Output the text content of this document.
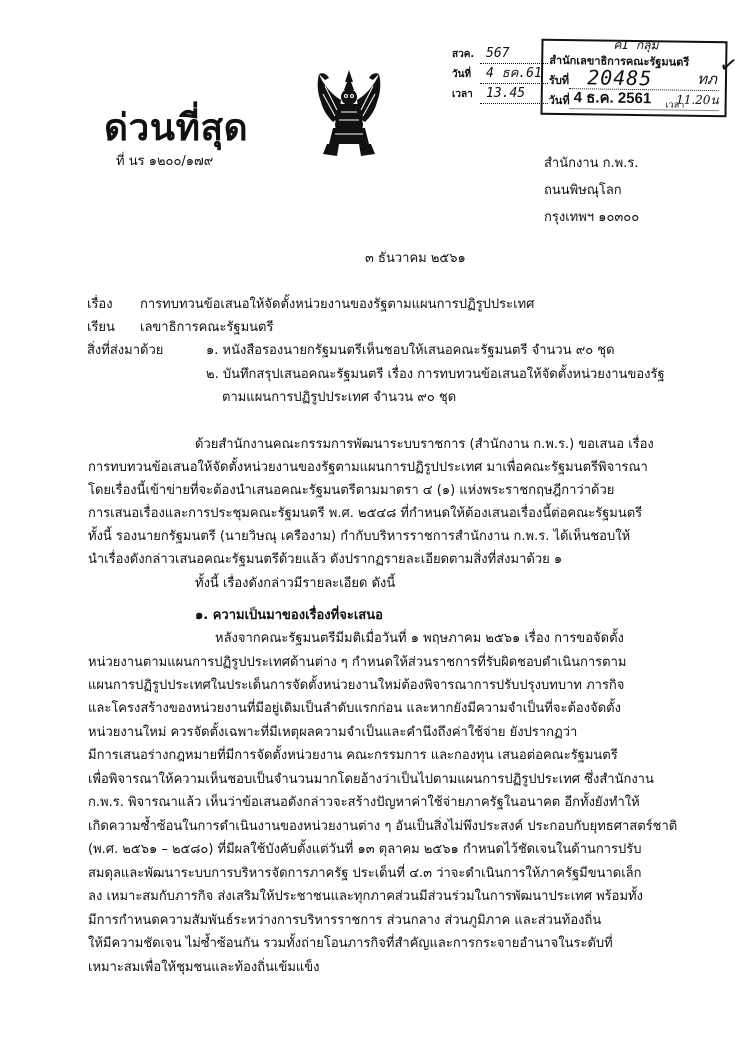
สวค. 567
วันที่	4 ธค.61
เวลา	13.45
ค1 กลุ่ม
✓
สำนักเลขาธิการคณะรัฐมนตรี
รับที่ 20485	ทภ
วันที่ 4 ธ.ค. 2561 เวลา
11.20น
ด่วนที่สุด
ที่ นร ๑๒๐๐/๑๗๙	สำนักงาน ก.พ.ร.
ถนนพิษณุโลก
กรุงเทพฯ ๑๐๓๐๐
๓ ธันวาคม ๒๕๖๑
เรื่อง	การทบทวนข้อเสนอให้จัดตั้งหน่วยงานของรัฐตามแผนการปฏิรูปประเทศ
เรียน	เลขาธิการคณะรัฐมนตรี
สิ่งที่ส่งมาด้วย	๑. หนังสือรองนายกรัฐมนตรีเห็นชอบให้เสนอคณะรัฐมนตรี จำนวน ๙๐ ชุด
๒. บันทึกสรุปเสนอคณะรัฐมนตรี เรื่อง การทบทวนข้อเสนอให้จัดตั้งหน่วยงานของรัฐ
ตามแผนการปฏิรูปประเทศ จำนวน ๙๐ ชุด
ด้วยสำนักงานคณะกรรมการพัฒนาระบบราชการ (สำนักงาน ก.พ.ร.) ขอเสนอ เรื่อง
การทบทวนข้อเสนอให้จัดตั้งหน่วยงานของรัฐตามแผนการปฏิรูปประเทศ มาเพื่อคณะรัฐมนตรีพิจารณา
โดยเรื่องนี้เข้าข่ายที่จะต้องนำเสนอคณะรัฐมนตรีตามมาตรา ๔ (๑) แห่งพระราชกฤษฎีกาว่าด้วย
การเสนอเรื่องและการประชุมคณะรัฐมนตรี พ.ศ. ๒๕๔๘ ที่กำหนดให้ต้องเสนอเรื่องนี้ต่อคณะรัฐมนตรี
ทั้งนี้ รองนายกรัฐมนตรี (นายวิษณุ เครืองาม) กำกับบริหารราชการสำนักงาน ก.พ.ร. ได้เห็นชอบให้
นำเรื่องดังกล่าวเสนอคณะรัฐมนตรีด้วยแล้ว ดังปรากฏรายละเอียดตามสิ่งที่ส่งมาด้วย ๑
ทั้งนี้ เรื่องดังกล่าวมีรายละเอียด ดังนี้
๑. ความเป็นมาของเรื่องที่จะเสนอ
หลังจากคณะรัฐมนตรีมีมติเมื่อวันที่ ๑ พฤษภาคม ๒๕๖๑ เรื่อง การขอจัดตั้ง
หน่วยงานตามแผนการปฏิรูปประเทศด้านต่าง ๆ กำหนดให้ส่วนราชการที่รับผิดชอบดำเนินการตาม
แผนการปฏิรูปประเทศในประเด็นการจัดตั้งหน่วยงานใหม่ต้องพิจารณาการปรับปรุงบทบาท ภารกิจ
และโครงสร้างของหน่วยงานที่มีอยู่เดิมเป็นลำดับแรกก่อน และหากยังมีความจำเป็นที่จะต้องจัดตั้ง
หน่วยงานใหม่ ควรจัดตั้งเฉพาะที่มีเหตุผลความจำเป็นและคำนึงถึงค่าใช้จ่าย ยังปรากฏว่า
มีการเสนอร่างกฎหมายที่มีการจัดตั้งหน่วยงาน คณะกรรมการ และกองทุน เสนอต่อคณะรัฐมนตรี
เพื่อพิจารณาให้ความเห็นชอบเป็นจำนวนมากโดยอ้างว่าเป็นไปตามแผนการปฏิรูปประเทศ ซึ่งสำนักงาน
ก.พ.ร. พิจารณาแล้ว เห็นว่าข้อเสนอดังกล่าวจะสร้างปัญหาค่าใช้จ่ายภาครัฐในอนาคต อีกทั้งยังทำให้
เกิดความซ้ำซ้อนในการดำเนินงานของหน่วยงานต่าง ๆ อันเป็นสิ่งไม่พึงประสงค์ ประกอบกับยุทธศาสตร์ชาติ
(พ.ศ. ๒๕๖๑ – ๒๕๘๐) ที่มีผลใช้บังคับตั้งแต่วันที่ ๑๓ ตุลาคม ๒๕๖๑ กำหนดไว้ชัดเจนในด้านการปรับ
สมดุลและพัฒนาระบบการบริหารจัดการภาครัฐ ประเด็นที่ ๔.๓ ว่าจะดำเนินการให้ภาครัฐมีขนาดเล็ก
ลง เหมาะสมกับภารกิจ ส่งเสริมให้ประชาชนและทุกภาคส่วนมีส่วนร่วมในการพัฒนาประเทศ พร้อมทั้ง
มีการกำหนดความสัมพันธ์ระหว่างการบริหารราชการ ส่วนกลาง ส่วนภูมิภาค และส่วนท้องถิ่น
ให้มีความชัดเจน ไม่ซ้ำซ้อนกัน รวมทั้งถ่ายโอนภารกิจที่สำคัญและการกระจายอำนาจในระดับที่
เหมาะสมเพื่อให้ชุมชนและท้องถิ่นเข้มแข็ง
